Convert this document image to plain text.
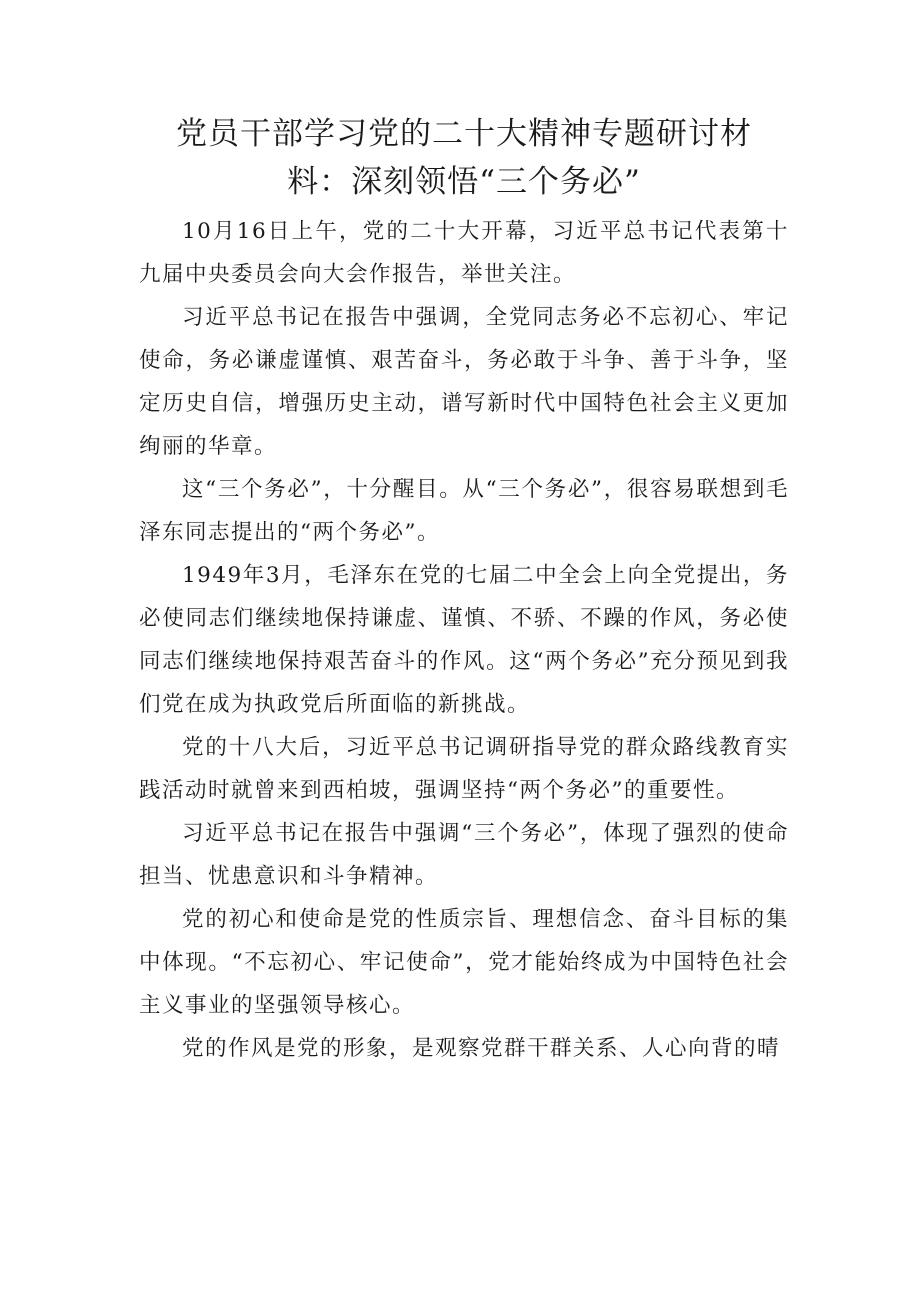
党员干部学习党的二十大精神专题研讨材
料：深刻领悟“三个务必”

10月16日上午，党的二十大开幕，习近平总书记代表第十九届中央委员会向大会作报告，举世关注。

习近平总书记在报告中强调，全党同志务必不忘初心、牢记使命，务必谦虚谨慎、艰苦奋斗，务必敢于斗争、善于斗争，坚定历史自信，增强历史主动，谱写新时代中国特色社会主义更加绚丽的华章。

这“三个务必”，十分醒目。从“三个务必”，很容易联想到毛泽东同志提出的“两个务必”。

1949年3月，毛泽东在党的七届二中全会上向全党提出，务必使同志们继续地保持谦虚、谨慎、不骄、不躁的作风，务必使同志们继续地保持艰苦奋斗的作风。这“两个务必”充分预见到我们党在成为执政党后所面临的新挑战。

党的十八大后，习近平总书记调研指导党的群众路线教育实践活动时就曾来到西柏坡，强调坚持“两个务必”的重要性。

习近平总书记在报告中强调“三个务必”，体现了强烈的使命担当、忧患意识和斗争精神。

党的初心和使命是党的性质宗旨、理想信念、奋斗目标的集中体现。“不忘初心、牢记使命”，党才能始终成为中国特色社会主义事业的坚强领导核心。

党的作风是党的形象，是观察党群干群关系、人心向背的晴
